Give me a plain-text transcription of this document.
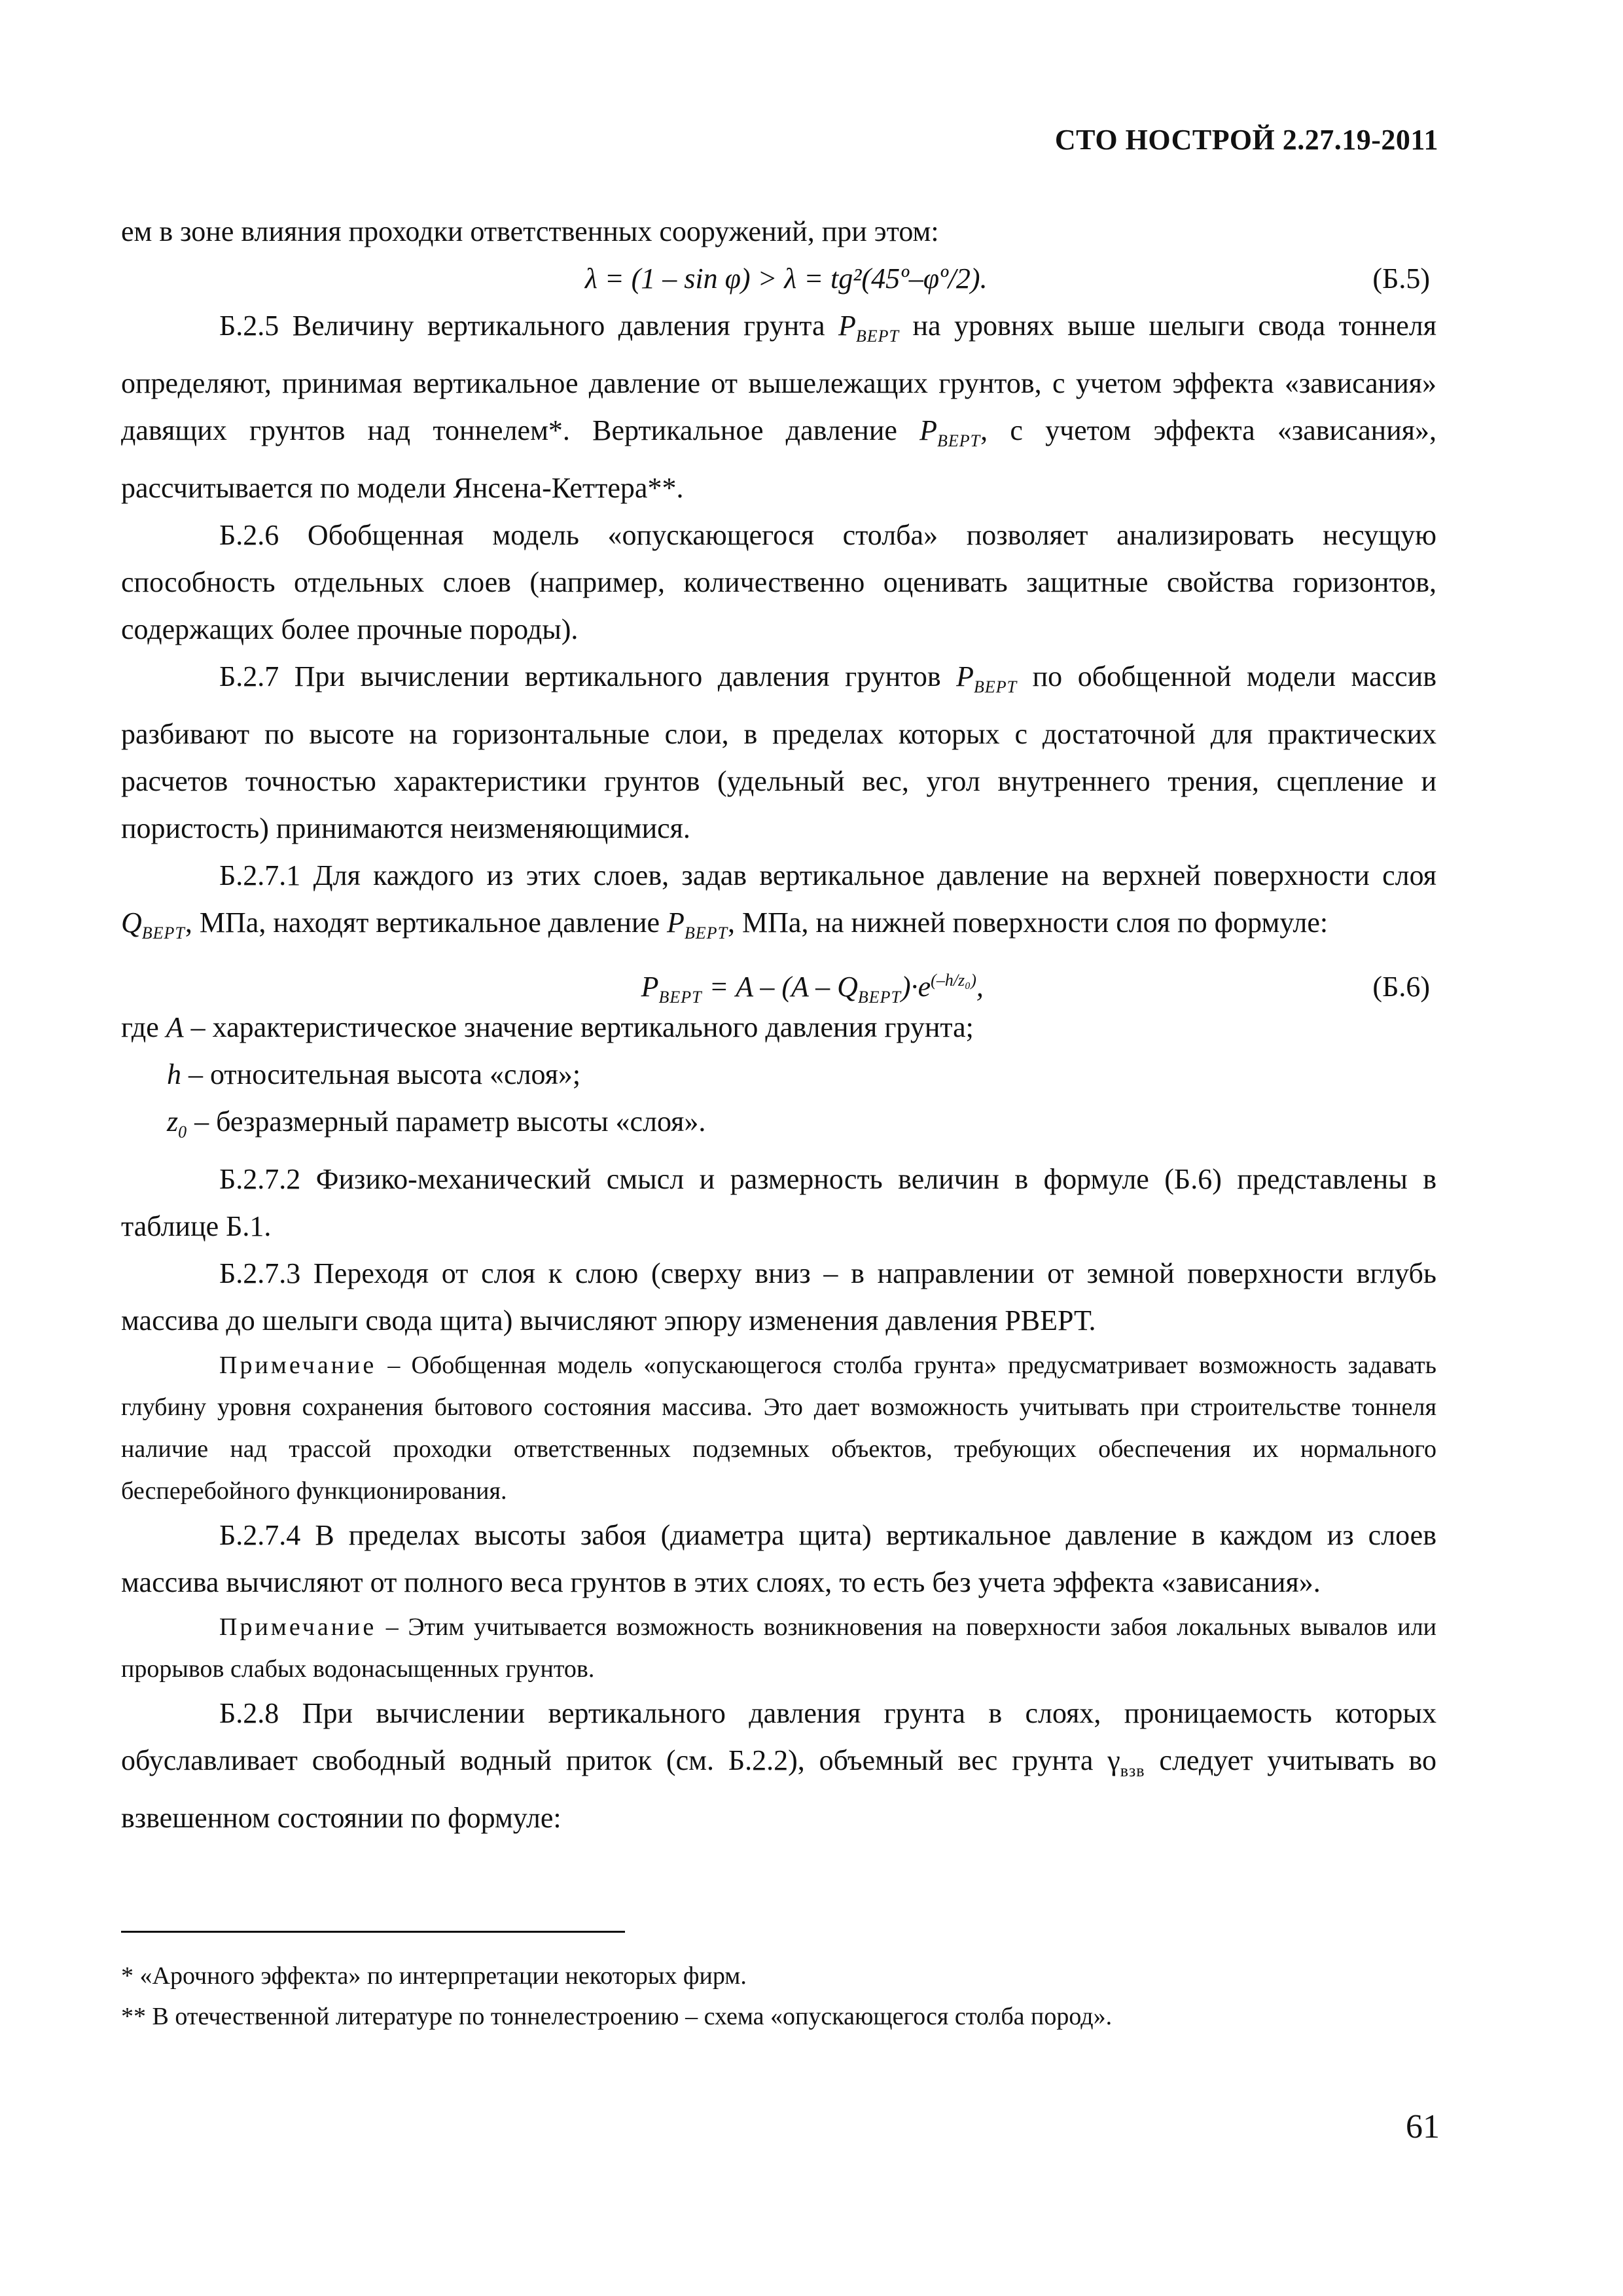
СТО НОСТРОЙ 2.27.19-2011

ем в зоне влияния проходки ответственных сооружений, при этом:

λ = (1 – sin φ) > λ = tg²(45º–φº/2).	(Б.5)

Б.2.5 Величину вертикального давления грунта $P_{ВЕРТ}$ на уровнях выше шелыги свода тоннеля определяют, принимая вертикальное давление от вышележащих грунтов, с учетом эффекта «зависания» давящих грунтов над тоннелем*. Вертикальное давление $P_{ВЕРТ}$, с учетом эффекта «зависания», рассчитывается по модели Янсена-Кеттера**.

Б.2.6 Обобщенная модель «опускающегося столба» позволяет анализировать несущую способность отдельных слоев (например, количественно оценивать защитные свойства горизонтов, содержащих более прочные породы).

Б.2.7 При вычислении вертикального давления грунтов $P_{ВЕРТ}$ по обобщенной модели массив разбивают по высоте на горизонтальные слои, в пределах которых с достаточной для практических расчетов точностью характеристики грунтов (удельный вес, угол внутреннего трения, сцепление и пористость) принимаются неизменяющимися.

Б.2.7.1 Для каждого из этих слоев, задав вертикальное давление на верхней поверхности слоя $Q_{ВЕРТ}$, МПа, находят вертикальное давление $P_{ВЕРТ}$, МПа, на нижней поверхности слоя по формуле:

$P_{ВЕРТ} = A - (A - Q_{ВЕРТ})\cdot e^{(-h/z_0)}$,	(Б.6)

где A – характеристическое значение вертикального давления грунта;

h – относительная высота «слоя»;

$z_0$ – безразмерный параметр высоты «слоя».

Б.2.7.2 Физико-механический смысл и размерность величин в формуле (Б.6) представлены в таблице Б.1.

Б.2.7.3 Переходя от слоя к слою (сверху вниз – в направлении от земной поверхности вглубь массива до шелыги свода щита) вычисляют эпюру изменения давления РВЕРТ.

Примечание – Обобщенная модель «опускающегося столба грунта» предусматривает возможность задавать глубину уровня сохранения бытового состояния массива. Это дает возможность учитывать при строительстве тоннеля наличие над трассой проходки ответственных подземных объектов, требующих обеспечения их нормального бесперебойного функционирования.

Б.2.7.4 В пределах высоты забоя (диаметра щита) вертикальное давление в каждом из слоев массива вычисляют от полного веса грунтов в этих слоях, то есть без учета эффекта «зависания».

Примечание – Этим учитывается возможность возникновения на поверхности забоя локальных вывалов или прорывов слабых водонасыщенных грунтов.

Б.2.8 При вычислении вертикального давления грунта в слоях, проницаемость которых обуславливает свободный водный приток (см. Б.2.2), объемный вес грунта $\gamma_{взв}$ следует учитывать во взвешенном состоянии по формуле:

* «Арочного эффекта» по интерпретации некоторых фирм.

** В отечественной литературе по тоннелестроению – схема «опускающегося столба пород».

61
